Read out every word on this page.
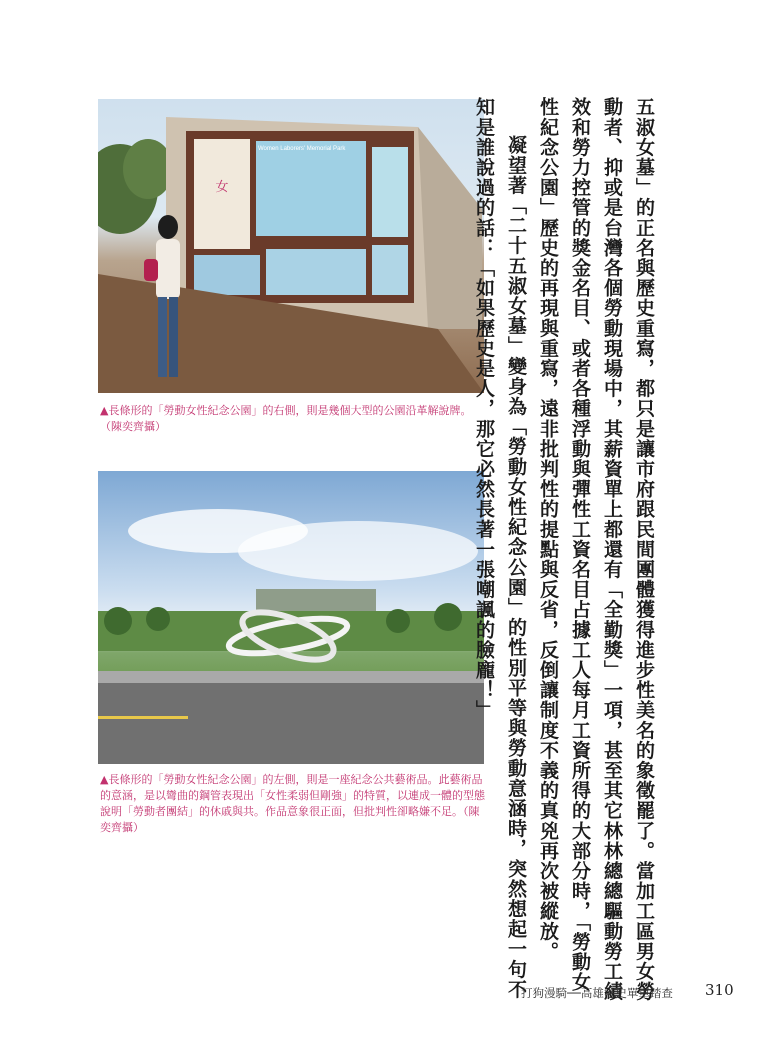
女
Women Laborers' Memorial Park
▲長條形的「勞動女性紀念公園」的右側，則是幾個大型的公園沿革解說牌。（陳奕齊攝）
▲長條形的「勞動女性紀念公園」的左側，則是一座紀念公共藝術品。此藝術品的意涵，是以彎曲的鋼管表現出「女性柔弱但剛強」的特質，以連成一體的型態說明「勞動者團結」的休戚與共。作品意象很正面，但批判性卻略嫌不足。（陳奕齊攝）	五淑女墓」的正名與歷史重寫，都只是讓市府跟民間團體獲得進步性美名的象徵罷了。當加工區男女勞
動者、抑或是台灣各個勞動現場中，其薪資單上都還有「全勤獎」一項，甚至其它林林總總驅動勞工績
效和勞力控管的獎金名目、或者各種浮動與彈性工資名目占據工人每月工資所得的大部分時，「勞動女
性紀念公園」歷史的再現與重寫，遠非批判性的提點與反省，反倒讓制度不義的真兇再次被縱放。
凝望著「二十五淑女墓」變身為「勞動女性紀念公園」的性別平等與勞動意涵時，突然想起一句不
知是誰說過的話：「如果歷史是人，那它必然長著一張嘲諷的臉龐！」
打狗漫騎──高雄港史單車踏查 310
